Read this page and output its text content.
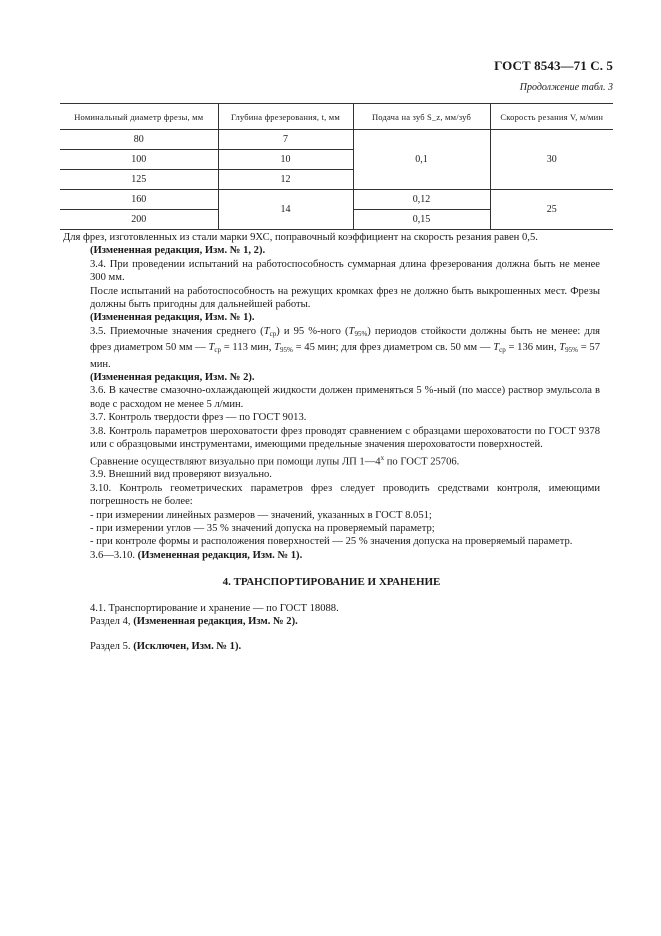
ГОСТ 8543—71 С. 5
Продолжение табл. 3
Номинальный диаметр фрезы, мм	Глубина фрезерования, t, мм	Подача на зуб S_z, мм/зуб	Скорость резания V, м/мин
80	7	0,1	30
100	10		
125	12		
160	14	0,12	25
200		0,15	

Для фрез, изготовленных из стали марки 9ХС, поправочный коэффициент на скорость резания равен 0,5.

(Измененная редакция, Изм. № 1, 2).

3.4. При проведении испытаний на работоспособность суммарная длина фрезерования должна быть не менее 300 мм.

После испытаний на работоспособность на режущих кромках фрез не должно быть выкрошенных мест. Фрезы должны быть пригодны для дальнейшей работы.

(Измененная редакция, Изм. № 1).

3.5. Приемочные значения среднего $(T_{ср})$ и 95 %-ного $(T_{95\%})$ периодов стойкости должны быть не менее: для фрез диаметром 50 мм — $T_{ср} = 113$ мин, $T_{95\%} = 45$ мин; для фрез диаметром св. 50 мм — $T_{ср} = 136$ мин, $T_{95\%} = 57$ мин.

(Измененная редакция, Изм. № 2).

3.6. В качестве смазочно-охлаждающей жидкости должен применяться 5 %-ный (по массе) раствор эмульсола в воде с расходом не менее 5 л/мин.

3.7. Контроль твердости фрез — по ГОСТ 9013.

3.8. Контроль параметров шероховатости фрез проводят сравнением с образцами шероховатости по ГОСТ 9378 или с образцовыми инструментами, имеющими предельные значения шероховатости поверхностей.

Сравнение осуществляют визуально при помощи лупы ЛП 1—4$^x$ по ГОСТ 25706.

3.9. Внешний вид проверяют визуально.

3.10. Контроль геометрических параметров фрез следует проводить средствами контроля, имеющими погрешность не более:

- при измерении линейных размеров — значений, указанных в ГОСТ 8.051;

- при измерении углов — 35 % значений допуска на проверяемый параметр;

- при контроле формы и расположения поверхностей — 25 % значения допуска на проверяемый параметр.

3.6—3.10. (Измененная редакция, Изм. № 1).

4. ТРАНСПОРТИРОВАНИЕ И ХРАНЕНИЕ

4.1. Транспортирование и хранение — по ГОСТ 18088.

Раздел 4, (Измененная редакция, Изм. № 2).

Раздел 5. (Исключен, Изм. № 1).
